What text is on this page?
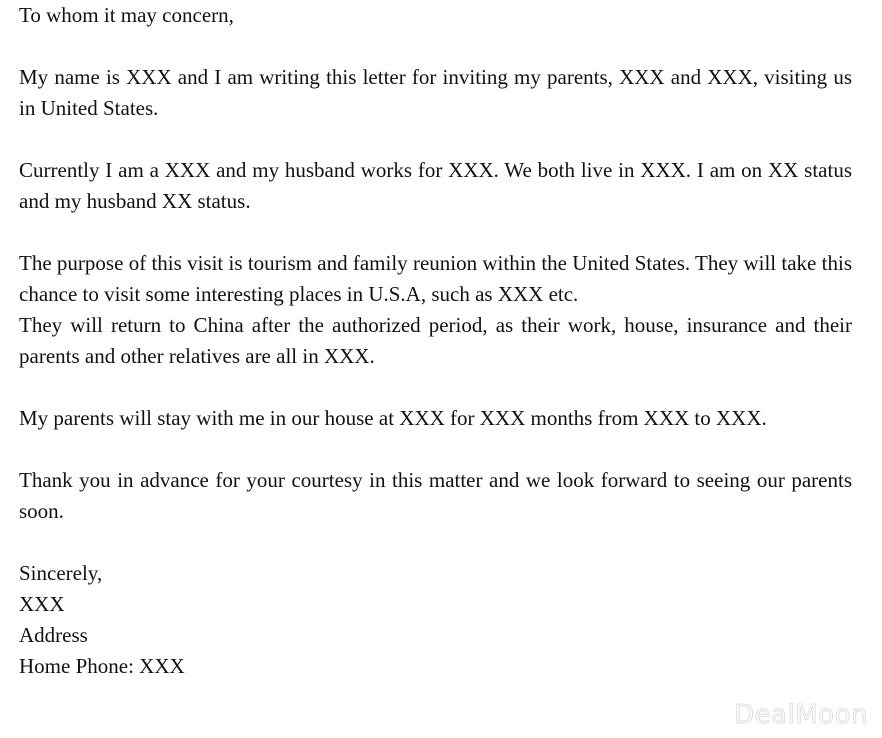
To whom it may concern,

My name is XXX and I am writing this letter for inviting my parents, XXX and XXX, visiting us in United States.

Currently I am a XXX and my husband works for XXX. We both live in XXX. I am on XX status and my husband XX status.

The purpose of this visit is tourism and family reunion within the United States. They will take this chance to visit some interesting places in U.S.A, such as XXX etc.

They will return to China after the authorized period, as their work, house, insurance and their parents and other relatives are all in XXX.

My parents will stay with me in our house at XXX for XXX months from XXX to XXX.

Thank you in advance for your courtesy in this matter and we look forward to seeing our parents soon.

Sincerely,
XXX
Address
Home Phone: XXX
DealMoon
